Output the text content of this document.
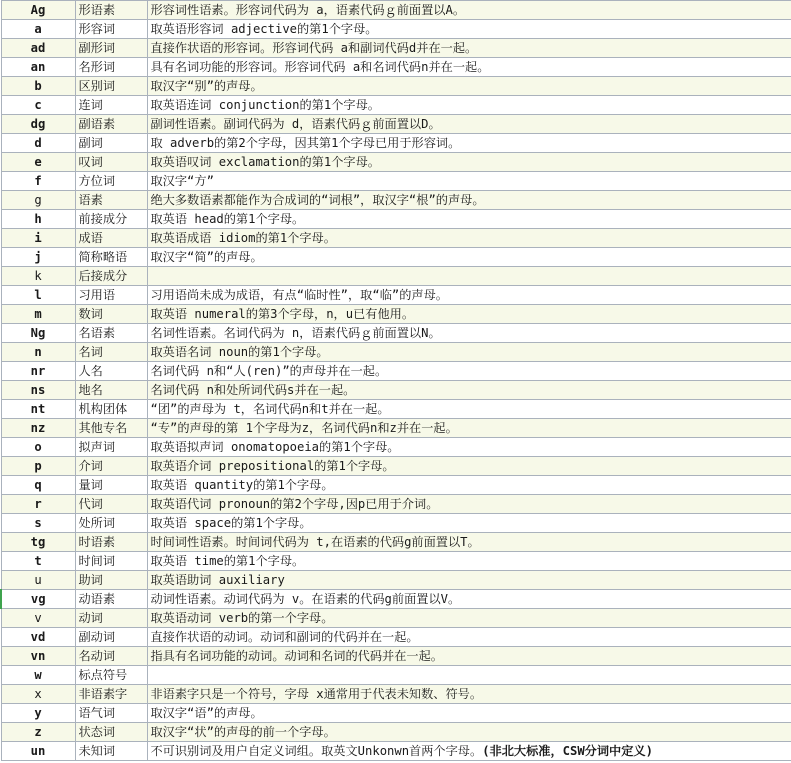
Ag	形语素	形容词性语素。形容词代码为 a，语素代码ｇ前面置以A。
a	形容词	取英语形容词 adjective的第1个字母。
ad	副形词	直接作状语的形容词。形容词代码 a和副词代码d并在一起。
an	名形词	具有名词功能的形容词。形容词代码 a和名词代码n并在一起。
b	区别词	取汉字“别”的声母。
c	连词	取英语连词 conjunction的第1个字母。
dg	副语素	副词性语素。副词代码为 d，语素代码ｇ前面置以D。
d	副词	取 adverb的第2个字母，因其第1个字母已用于形容词。
e	叹词	取英语叹词 exclamation的第1个字母。
f	方位词	取汉字“方”
g	语素	绝大多数语素都能作为合成词的“词根”，取汉字“根”的声母。
h	前接成分	取英语 head的第1个字母。
i	成语	取英语成语 idiom的第1个字母。
j	简称略语	取汉字“简”的声母。
k	后接成分	
l	习用语	习用语尚未成为成语，有点“临时性”，取“临”的声母。
m	数词	取英语 numeral的第3个字母，n，u已有他用。
Ng	名语素	名词性语素。名词代码为 n，语素代码ｇ前面置以N。
n	名词	取英语名词 noun的第1个字母。
nr	人名	名词代码 n和“人(ren)”的声母并在一起。
ns	地名	名词代码 n和处所词代码s并在一起。
nt	机构团体	“团”的声母为 t，名词代码n和t并在一起。
nz	其他专名	“专”的声母的第 1个字母为z，名词代码n和z并在一起。
o	拟声词	取英语拟声词 onomatopoeia的第1个字母。
p	介词	取英语介词 prepositional的第1个字母。
q	量词	取英语 quantity的第1个字母。
r	代词	取英语代词 pronoun的第2个字母,因p已用于介词。
s	处所词	取英语 space的第1个字母。
tg	时语素	时间词性语素。时间词代码为 t,在语素的代码g前面置以T。
t	时间词	取英语 time的第1个字母。
u	助词	取英语助词 auxiliary
vg	动语素	动词性语素。动词代码为 v。在语素的代码g前面置以V。
v	动词	取英语动词 verb的第一个字母。
vd	副动词	直接作状语的动词。动词和副词的代码并在一起。
vn	名动词	指具有名词功能的动词。动词和名词的代码并在一起。
w	标点符号	
x	非语素字	非语素字只是一个符号，字母 x通常用于代表未知数、符号。
y	语气词	取汉字“语”的声母。
z	状态词	取汉字“状”的声母的前一个字母。
un	未知词	不可识别词及用户自定义词组。取英文Unkonwn首两个字母。(非北大标准，CSW分词中定义)
